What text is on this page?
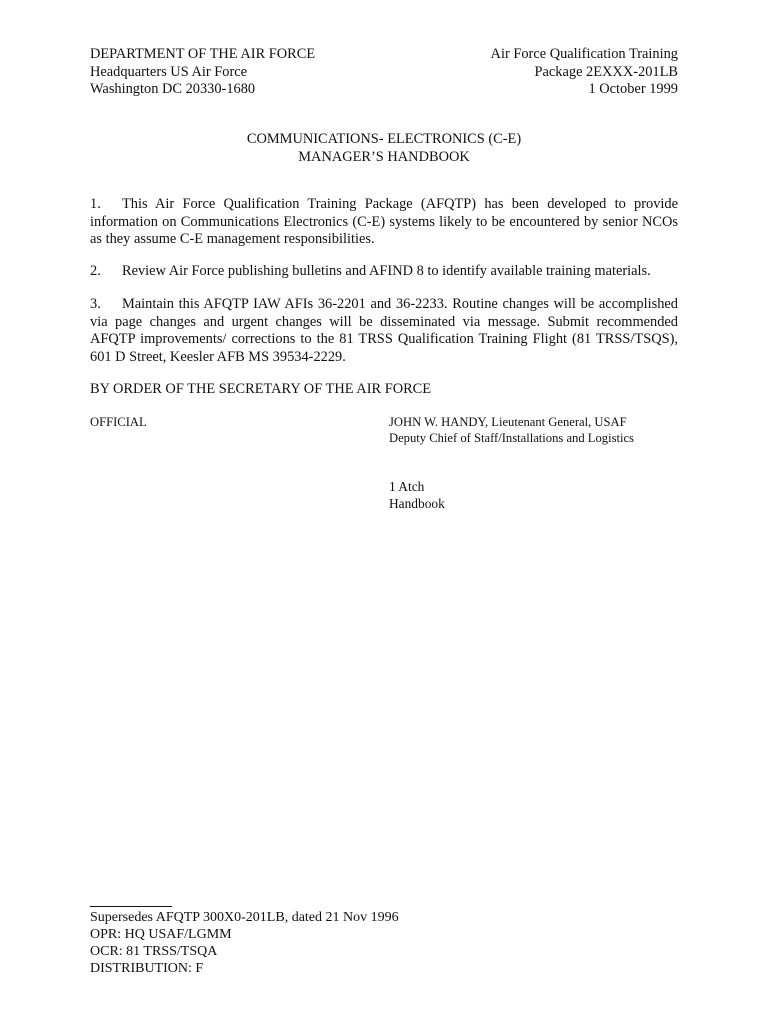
DEPARTMENT OF THE AIR FORCE
Headquarters US Air Force
Washington DC 20330-1680
Air Force Qualification Training
Package 2EXXX-201LB
1 October 1999
COMMUNICATIONS- ELECTRONICS (C-E)
MANAGER’S HANDBOOK
1. This Air Force Qualification Training Package (AFQTP) has been developed to provide information on Communications Electronics (C-E) systems likely to be encountered by senior NCOs as they assume C-E management responsibilities.
2. Review Air Force publishing bulletins and AFIND 8 to identify available training materials.
3. Maintain this AFQTP IAW AFIs 36-2201 and 36-2233. Routine changes will be accomplished via page changes and urgent changes will be disseminated via message. Submit recommended AFQTP improvements/ corrections to the 81 TRSS Qualification Training Flight (81 TRSS/TSQS), 601 D Street, Keesler AFB MS 39534-2229.
BY ORDER OF THE SECRETARY OF THE AIR FORCE
OFFICIAL	JOHN W. HANDY, Lieutenant General, USAF
Deputy Chief of Staff/Installations and Logistics
1 Atch
Handbook
Supersedes AFQTP 300X0-201LB, dated 21 Nov 1996
OPR: HQ USAF/LGMM
OCR: 81 TRSS/TSQA
DISTRIBUTION: F
